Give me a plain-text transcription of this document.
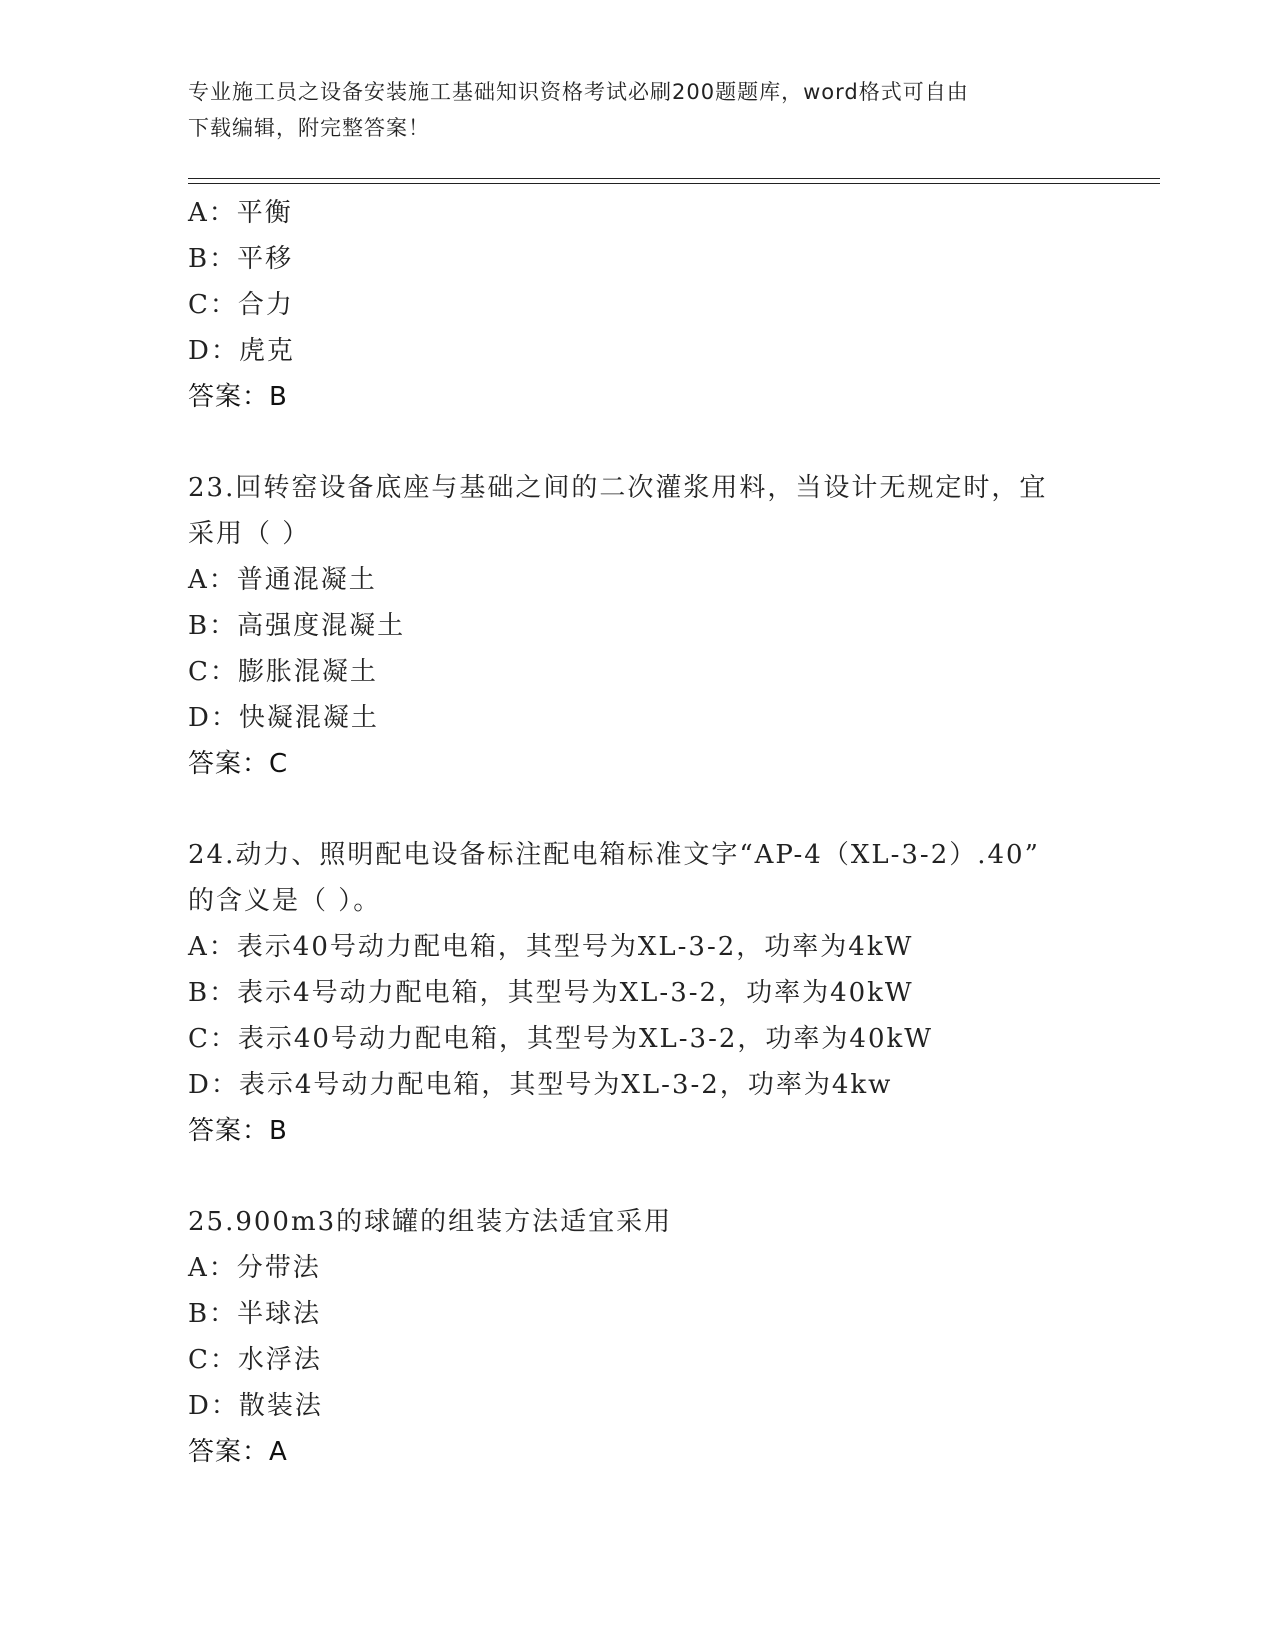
专业施工员之设备安装施工基础知识资格考试必刷200题题库，word格式可自由
下载编辑，附完整答案！
A：平衡
B：平移
C：合力
D：虎克
答案：B
23.回转窑设备底座与基础之间的二次灌浆用料，当设计无规定时，宜
采用（ ）
A：普通混凝土
B：高强度混凝土
C：膨胀混凝土
D：快凝混凝土
答案：C
24.动力、照明配电设备标注配电箱标准文字“AP-4（XL-3-2）.40”
的含义是（ ）。
A：表示40号动力配电箱，其型号为XL-3-2，功率为4kW
B：表示4号动力配电箱，其型号为XL-3-2，功率为40kW
C：表示40号动力配电箱，其型号为XL-3-2，功率为40kW
D：表示4号动力配电箱，其型号为XL-3-2，功率为4kw
答案：B
25.900m3的球罐的组装方法适宜采用
A：分带法
B：半球法
C：水浮法
D：散装法
答案：A
